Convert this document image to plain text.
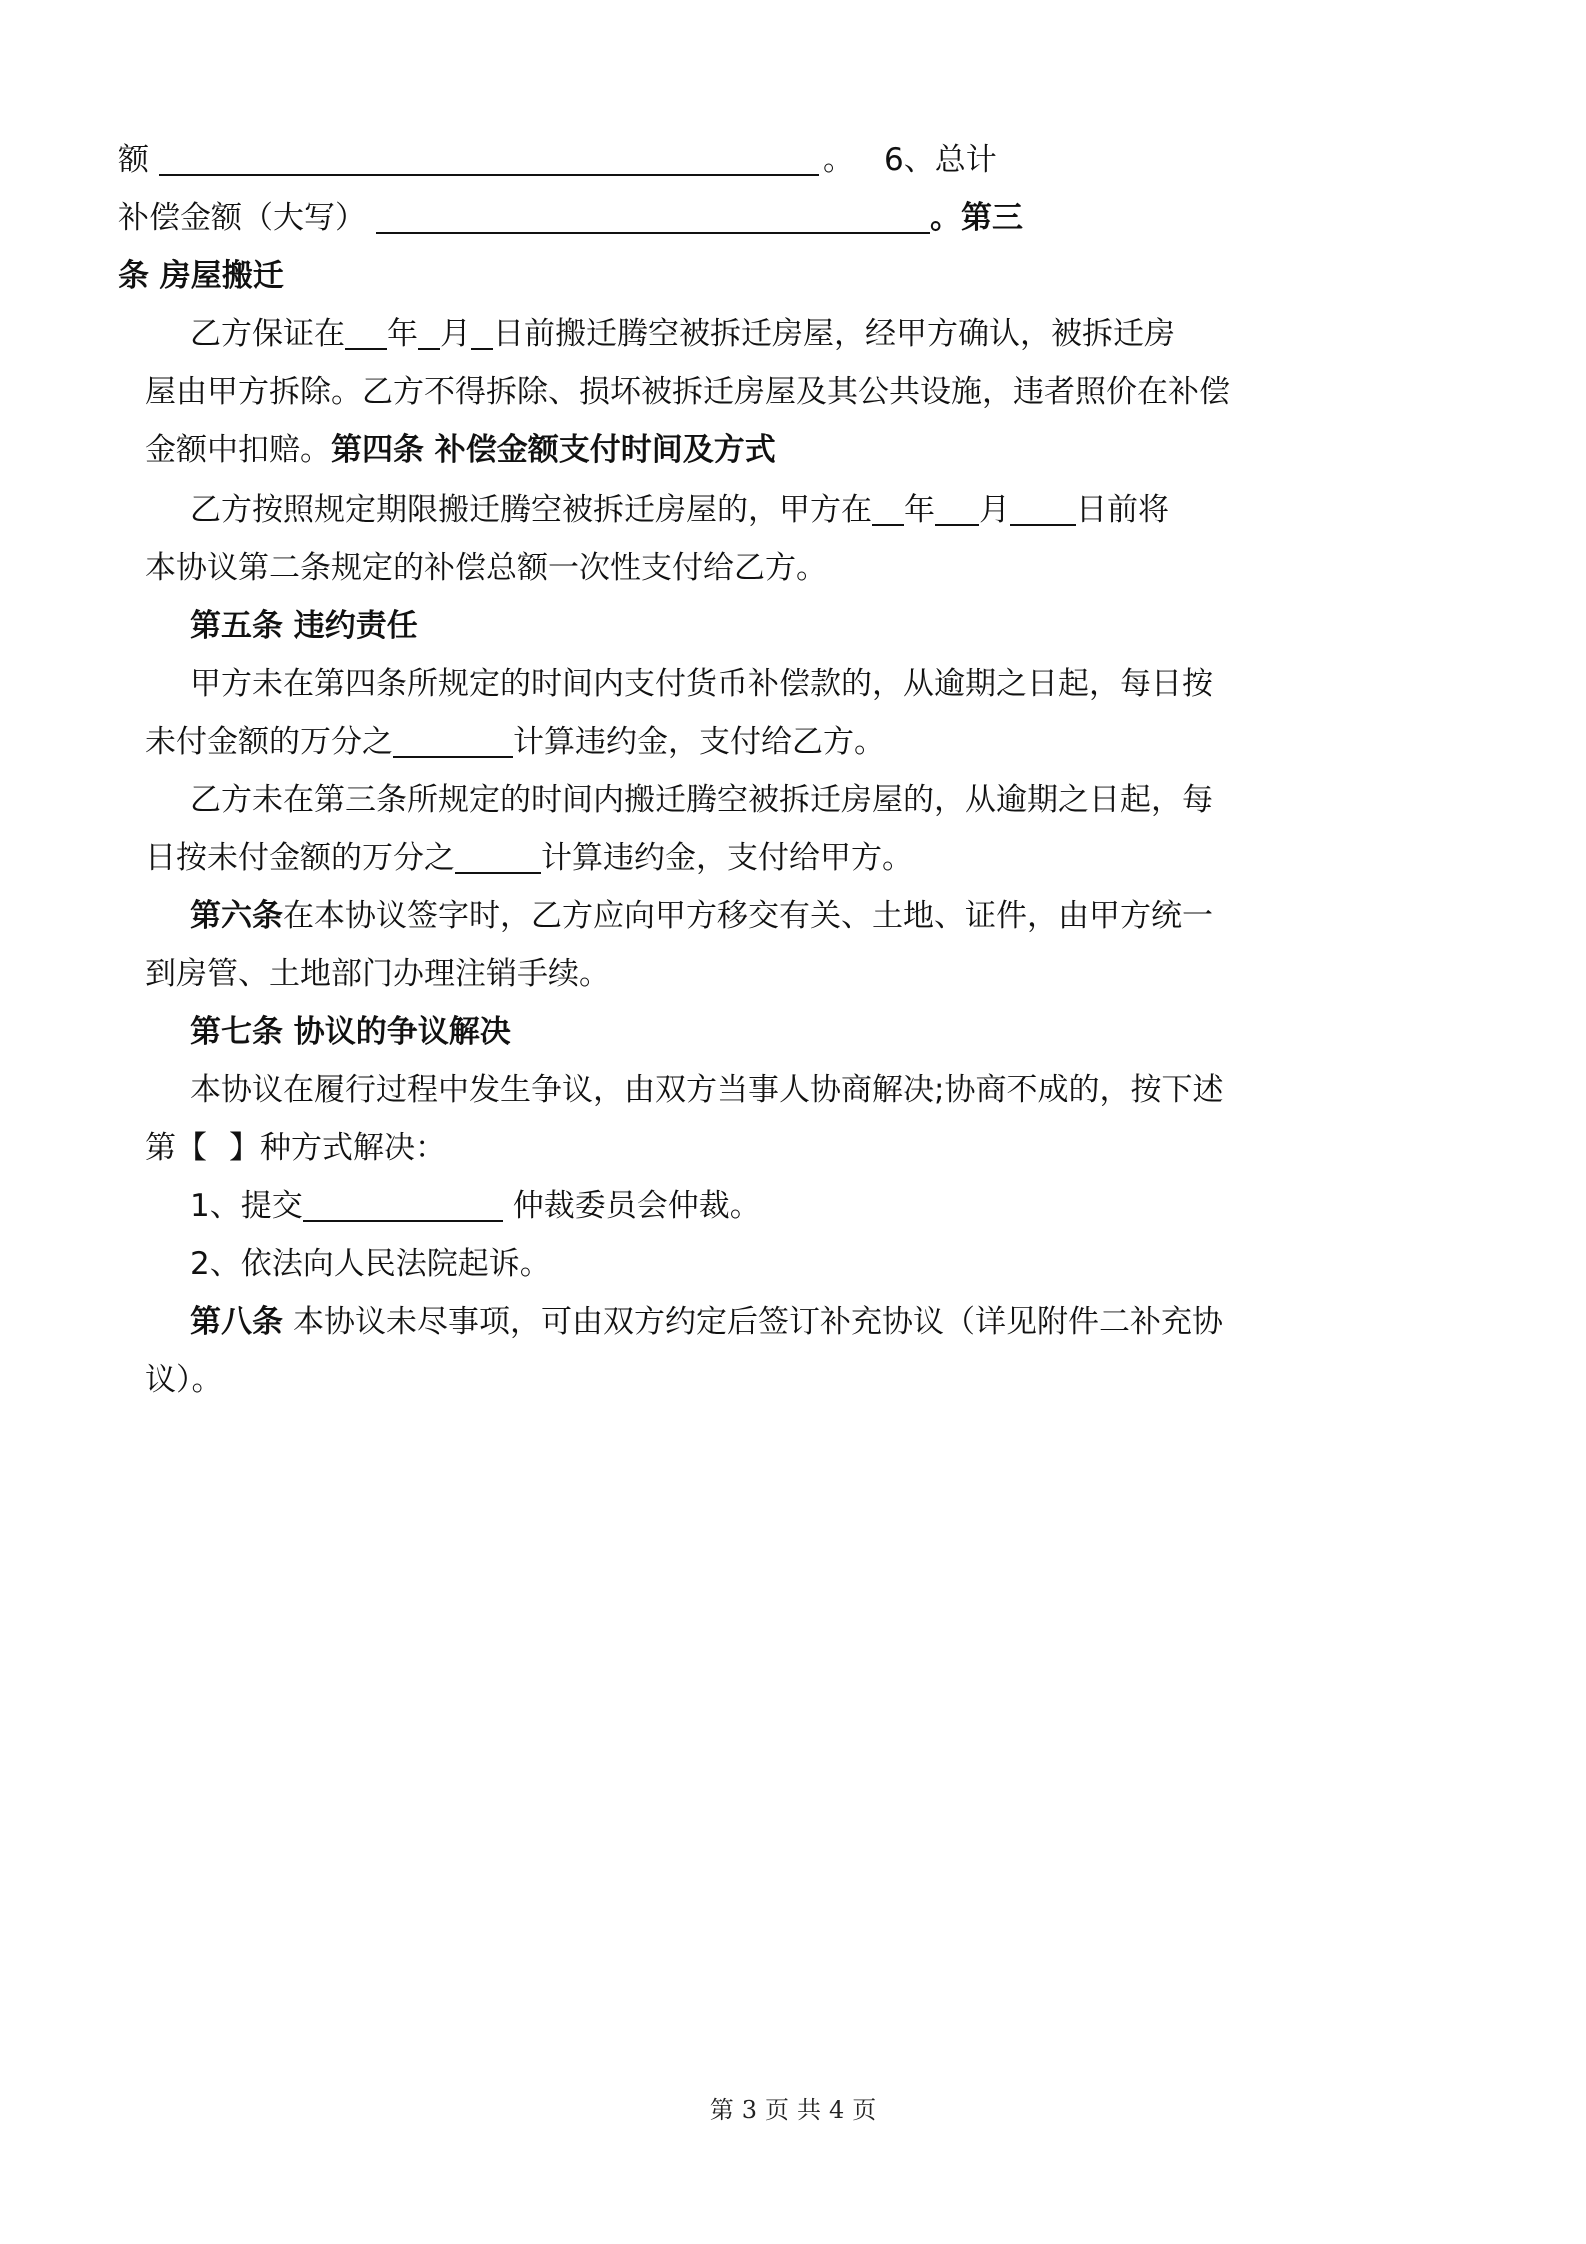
额	。 6、总计
补偿金额（大写）	。第三
条 房屋搬迁
乙方保证在 年 月 日前搬迁腾空被拆迁房屋，经甲方确认，被拆迁房
屋由甲方拆除。乙方不得拆除、损坏被拆迁房屋及其公共设施，违者照价在补偿
金额中扣赔。第四条 补偿金额支付时间及方式
乙方按照规定期限搬迁腾空被拆迁房屋的，甲方在 年 月 日前将
本协议第二条规定的补偿总额一次性支付给乙方。
第五条 违约责任
甲方未在第四条所规定的时间内支付货币补偿款的，从逾期之日起，每日按
未付金额的万分之	计算违约金，支付给乙方。
乙方未在第三条所规定的时间内搬迁腾空被拆迁房屋的，从逾期之日起，每
日按未付金额的万分之	计算违约金，支付给甲方。
第六条在本协议签字时，乙方应向甲方移交有关、土地、证件，由甲方统一
到房管、土地部门办理注销手续。
第七条 协议的争议解决
本协议在履行过程中发生争议，由双方当事人协商解决;协商不成的，按下述
第【 】种方式解决：
1、提交	仲裁委员会仲裁。
2、依法向人民法院起诉。
第八条 本协议未尽事项，可由双方约定后签订补充协议（详见附件二补充协
议）。
第 3 页 共 4 页
